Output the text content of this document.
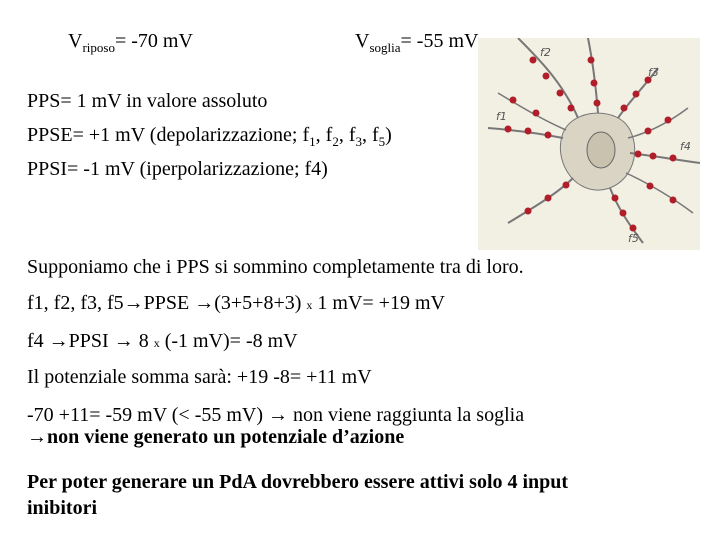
f2
f3
f1
f4
f5
$V_{riposo}= -70$ mV	$V_{soglia}= -55$ mV
PPS= 1 mV in valore assoluto
PPSE= +1 mV (depolarizzazione; $f_1$, $f_2$, $f_3$, $f_5$)
PPSI= -1 mV (iperpolarizzazione; f4)
Supponiamo che i PPS si sommino completamente tra di loro.
f1, f2, f3, f5→PPSE →(3+5+8+3) x 1 mV= +19 mV
f4 →PPSI → 8 x (-1 mV)= -8 mV
Il potenziale somma sarà: +19 -8= +11 mV
-70 +11= -59 mV (< -55 mV) → non viene raggiunta la soglia
→non viene generato un potenziale d’azione
Per poter generare un PdA dovrebbero essere attivi solo 4 input
inibitori
